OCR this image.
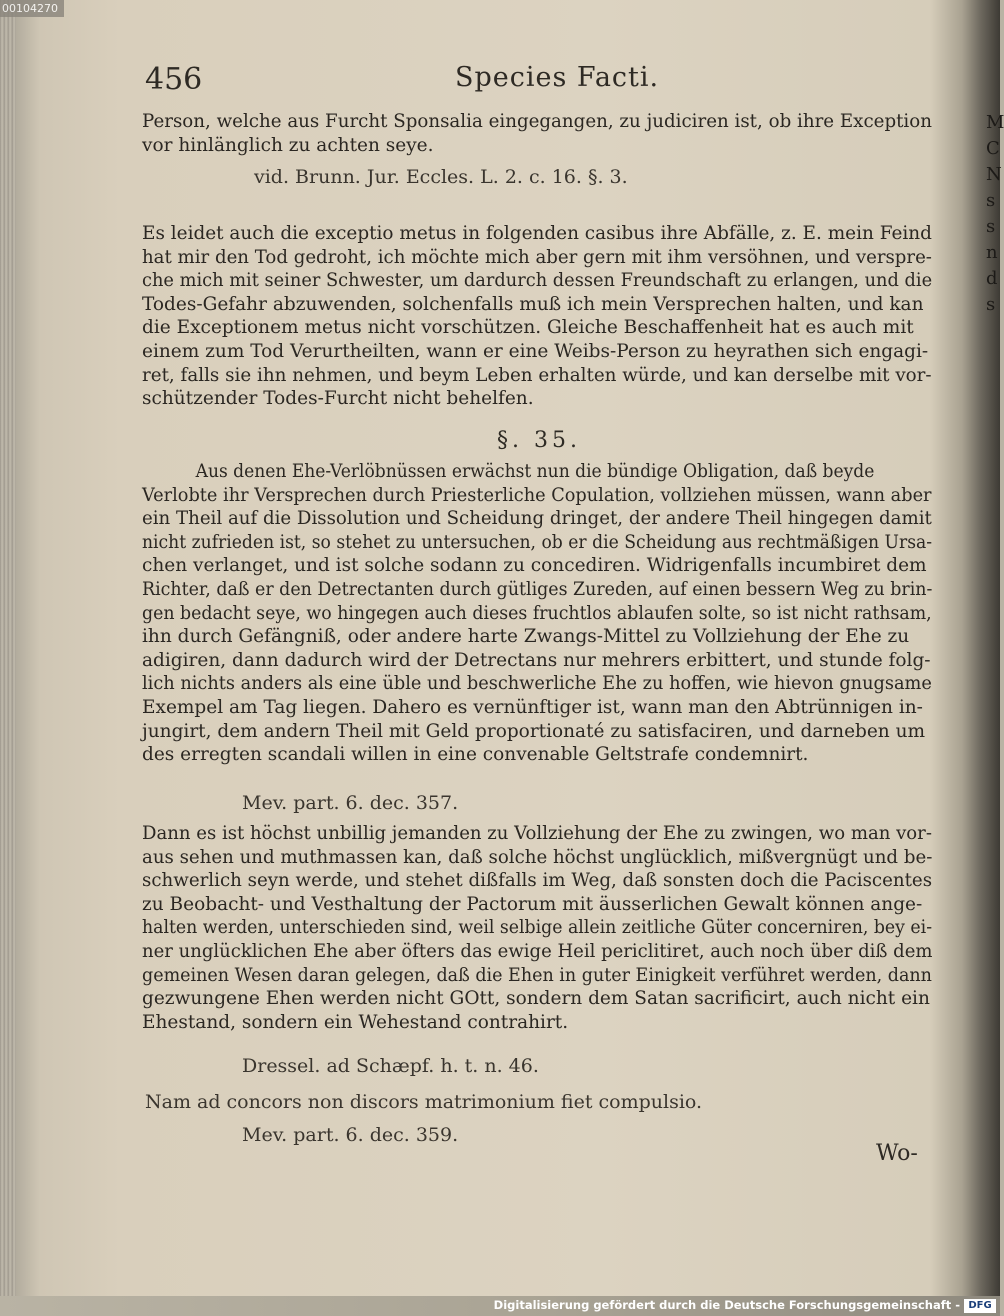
00104270
456	Species Facti.
Person, welche aus Furcht Sponsalia eingegangen, zu judiciren ist, ob ihre Exception
vor hinlänglich zu achten seye.
vid. Brunn. Jur. Eccles. L. 2. c. 16. §. 3.
Es leidet auch die exceptio metus in folgenden casibus ihre Abfälle, z. E. mein Feind
hat mir den Tod gedroht, ich möchte mich aber gern mit ihm versöhnen, und verspre-
che mich mit seiner Schwester, um dardurch dessen Freundschaft zu erlangen, und die
Todes-Gefahr abzuwenden, solchenfalls muß ich mein Versprechen halten, und kan
die Exceptionem metus nicht vorschützen. Gleiche Beschaffenheit hat es auch mit
einem zum Tod Verurtheilten, wann er eine Weibs-Person zu heyrathen sich engagi-
ret, falls sie ihn nehmen, und beym Leben erhalten würde, und kan derselbe mit vor-
schützender Todes-Furcht nicht behelfen.
§. 35.
Aus denen Ehe-Verlöbnüssen erwächst nun die bündige Obligation, daß beyde
Verlobte ihr Versprechen durch Priesterliche Copulation, vollziehen müssen, wann aber
ein Theil auf die Dissolution und Scheidung dringet, der andere Theil hingegen damit
nicht zufrieden ist, so stehet zu untersuchen, ob er die Scheidung aus rechtmäßigen Ursa-
chen verlanget, und ist solche sodann zu concediren. Widrigenfalls incumbiret dem
Richter, daß er den Detrectanten durch gütliges Zureden, auf einen bessern Weg zu brin-
gen bedacht seye, wo hingegen auch dieses fruchtlos ablaufen solte, so ist nicht rathsam,
ihn durch Gefängniß, oder andere harte Zwangs-Mittel zu Vollziehung der Ehe zu
adigiren, dann dadurch wird der Detrectans nur mehrers erbittert, und stunde folg-
lich nichts anders als eine üble und beschwerliche Ehe zu hoffen, wie hievon gnugsame
Exempel am Tag liegen. Dahero es vernünftiger ist, wann man den Abtrünnigen in-
jungirt, dem andern Theil mit Geld proportionaté zu satisfaciren, und darneben um
des erregten scandali willen in eine convenable Geltstrafe condemnirt.
Mev. part. 6. dec. 357.
Dann es ist höchst unbillig jemanden zu Vollziehung der Ehe zu zwingen, wo man vor-
aus sehen und muthmassen kan, daß solche höchst unglücklich, mißvergnügt und be-
schwerlich seyn werde, und stehet dißfalls im Weg, daß sonsten doch die Paciscentes
zu Beobacht- und Vesthaltung der Pactorum mit äusserlichen Gewalt können ange-
halten werden, unterschieden sind, weil selbige allein zeitliche Güter concerniren, bey ei-
ner unglücklichen Ehe aber öfters das ewige Heil periclitiret, auch noch über diß dem
gemeinen Wesen daran gelegen, daß die Ehen in guter Einigkeit verführet werden, dann
gezwungene Ehen werden nicht GOtt, sondern dem Satan sacrificirt, auch nicht ein
Ehestand, sondern ein Wehestand contrahirt.
Dressel. ad Schæpf. h. t. n. 46.
Nam ad concors non discors matrimonium fiet compulsio.
Mev. part. 6. dec. 359.
Wo-
M
C
N
s
s
n
d
s
Digitalisierung gefördert durch die Deutsche Forschungsgemeinschaft - DFG
